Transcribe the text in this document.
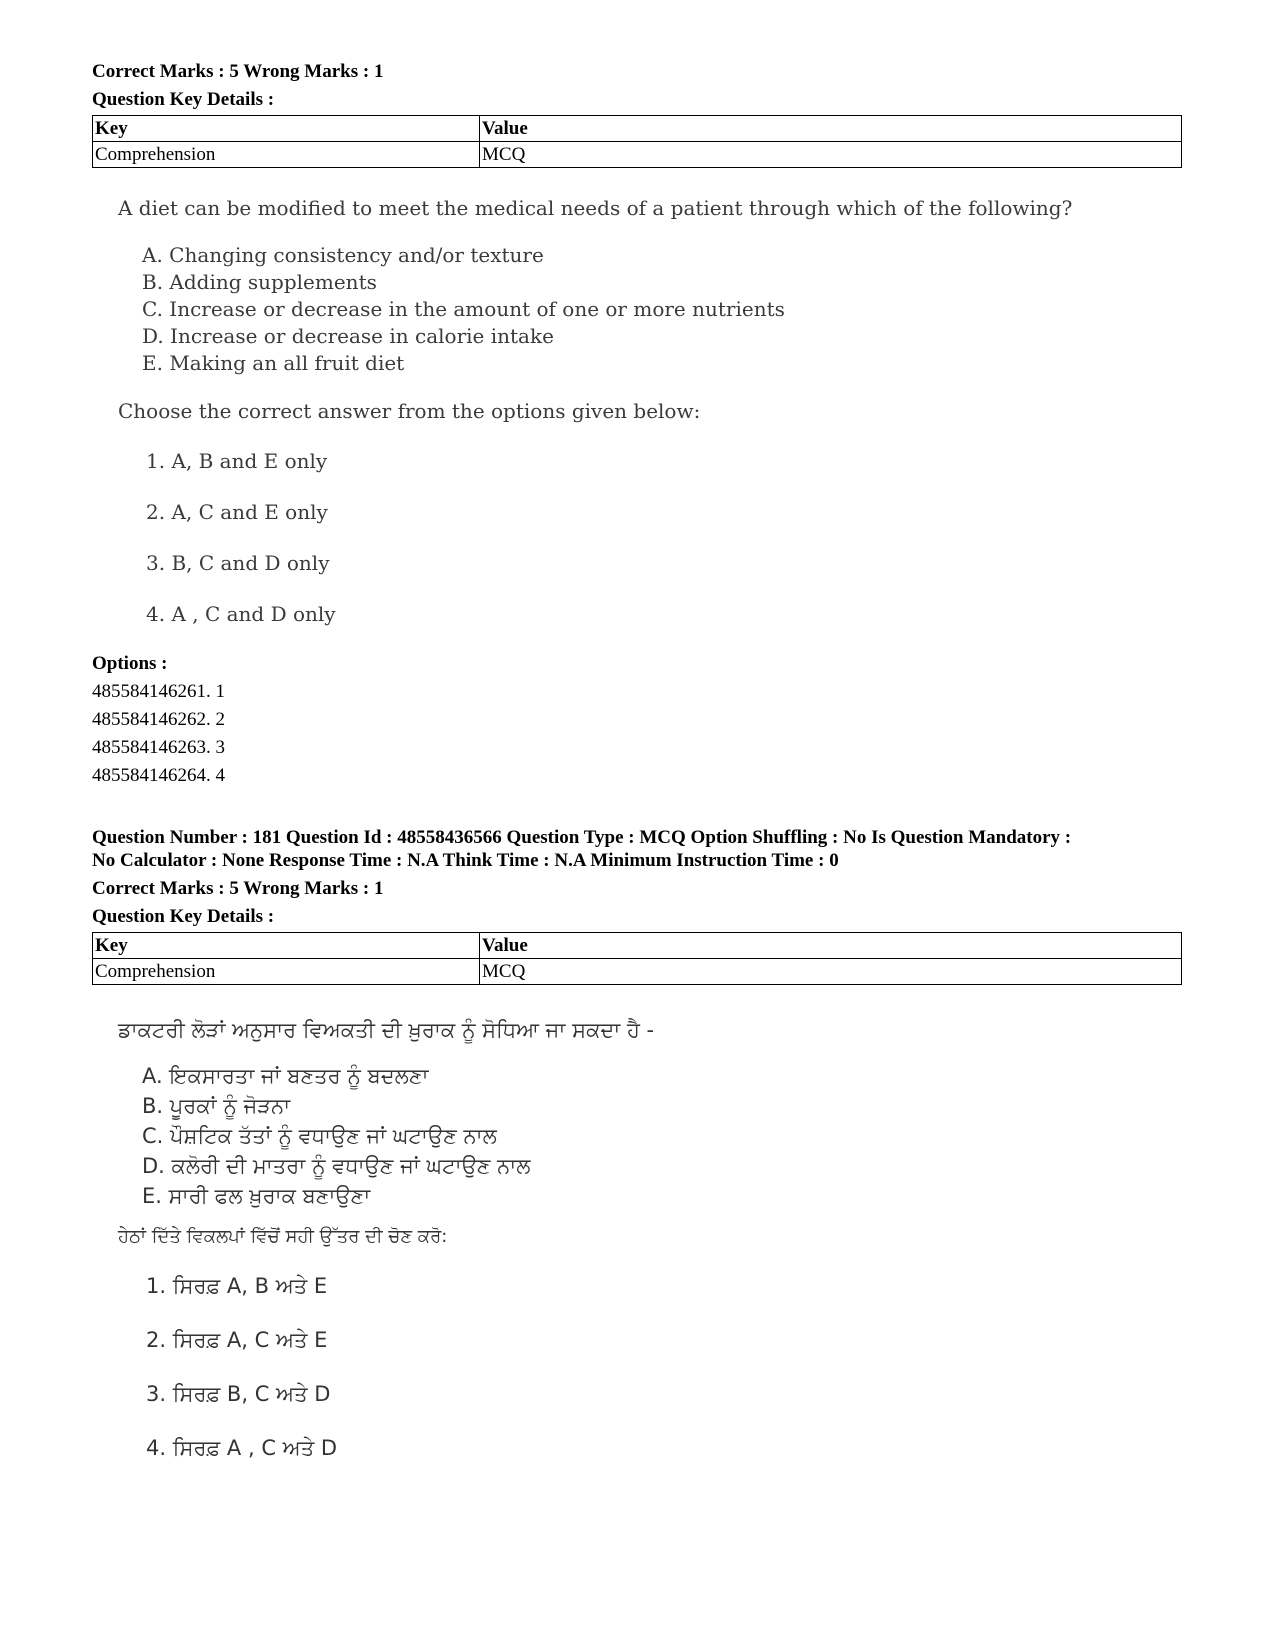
Correct Marks : 5 Wrong Marks : 1

Question Key Details :

Key	Value
Comprehension	MCQ

A diet can be modified to meet the medical needs of a patient through which of the following?

A. Changing consistency and/or texture
B. Adding supplements
C. Increase or decrease in the amount of one or more nutrients
D. Increase or decrease in calorie intake
E. Making an all fruit diet

Choose the correct answer from the options given below:

1. A, B and E only
2. A, C and E only
3. B, C and D only
4. A , C and D only

Options :

485584146261. 1

485584146262. 2

485584146263. 3

485584146264. 4

Question Number : 181 Question Id : 48558436566 Question Type : MCQ Option Shuffling : No Is Question Mandatory :

No Calculator : None Response Time : N.A Think Time : N.A Minimum Instruction Time : 0

Correct Marks : 5 Wrong Marks : 1

Question Key Details :

Key	Value
Comprehension	MCQ

ਡਾਕਟਰੀ ਲੋੜਾਂ ਅਨੁਸਾਰ ਵਿਅਕਤੀ ਦੀ ਖ਼ੁਰਾਕ ਨੂੰ ਸੋਧਿਆ ਜਾ ਸਕਦਾ ਹੈ -

A. ਇਕਸਾਰਤਾ ਜਾਂ ਬਣਤਰ ਨੂੰ ਬਦਲਣਾ
B. ਪੂਰਕਾਂ ਨੂੰ ਜੋੜਨਾ
C. ਪੌਸ਼ਟਿਕ ਤੱਤਾਂ ਨੂੰ ਵਧਾਉਣ ਜਾਂ ਘਟਾਉਣ ਨਾਲ
D. ਕਲੋਰੀ ਦੀ ਮਾਤਰਾ ਨੂੰ ਵਧਾਉਣ ਜਾਂ ਘਟਾਉਣ ਨਾਲ
E. ਸਾਰੀ ਫਲ ਖ਼ੁਰਾਕ ਬਣਾਉਣਾ

ਹੇਠਾਂ ਦਿੱਤੇ ਵਿਕਲਪਾਂ ਵਿੱਚੋਂ ਸਹੀ ਉੱਤਰ ਦੀ ਚੋਣ ਕਰੋ:

1. ਸਿਰਫ਼ A, B ਅਤੇ E
2. ਸਿਰਫ਼ A, C ਅਤੇ E
3. ਸਿਰਫ਼ B, C ਅਤੇ D
4. ਸਿਰਫ਼ A , C ਅਤੇ D
